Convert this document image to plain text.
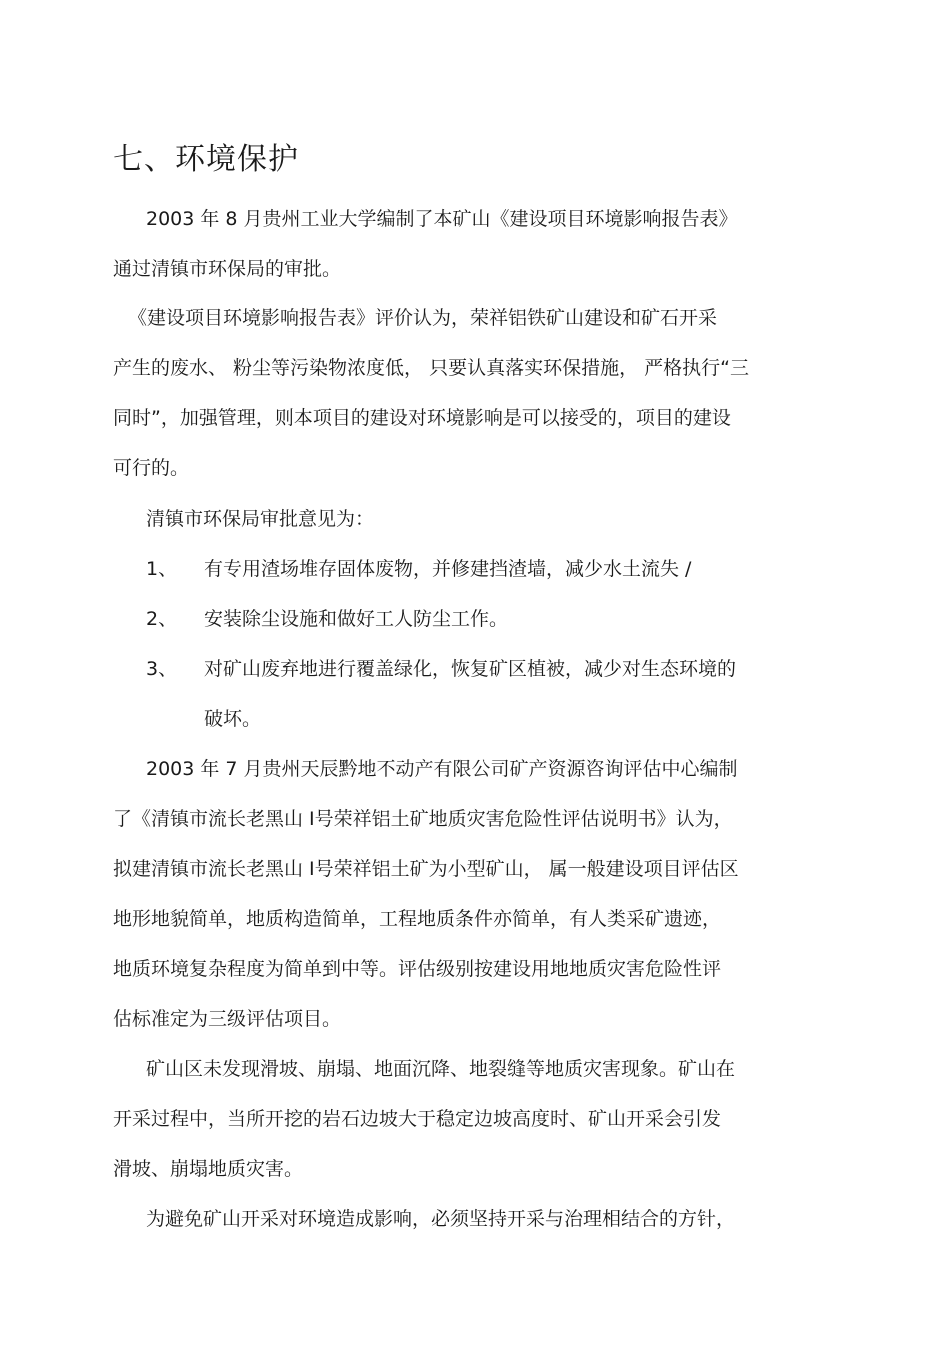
七、环境保护
2003 年 8 月贵州工业大学编制了本矿山《建设项目环境影响报告表》
通过清镇市环保局的审批。
《建设项目环境影响报告表》评价认为，荣祥铝铁矿山建设和矿石开采
产生的废水、 粉尘等污染物浓度低， 只要认真落实环保措施， 严格执行“三
同时”，加强管理，则本项目的建设对环境影响是可以接受的，项目的建设
可行的。
清镇市环保局审批意见为：
1、 有专用渣场堆存固体废物，并修建挡渣墙，减少水土流失 /
2、 安装除尘设施和做好工人防尘工作。
3、 对矿山废弃地进行覆盖绿化，恢复矿区植被，减少对生态环境的
破坏。
2003 年 7 月贵州天辰黔地不动产有限公司矿产资源咨询评估中心编制
了《清镇市流长老黑山 Ⅰ号荣祥铝土矿地质灾害危险性评估说明书》认为，
拟建清镇市流长老黑山 Ⅰ号荣祥铝土矿为小型矿山， 属一般建设项目评估区
地形地貌简单，地质构造简单，工程地质条件亦简单，有人类采矿遗迹，
地质环境复杂程度为简单到中等。评估级别按建设用地地质灾害危险性评
估标准定为三级评估项目。
矿山区未发现滑坡、崩塌、地面沉降、地裂缝等地质灾害现象。矿山在
开采过程中，当所开挖的岩石边坡大于稳定边坡高度时、矿山开采会引发
滑坡、崩塌地质灾害。
为避免矿山开采对环境造成影响，必须坚持开采与治理相结合的方针，
